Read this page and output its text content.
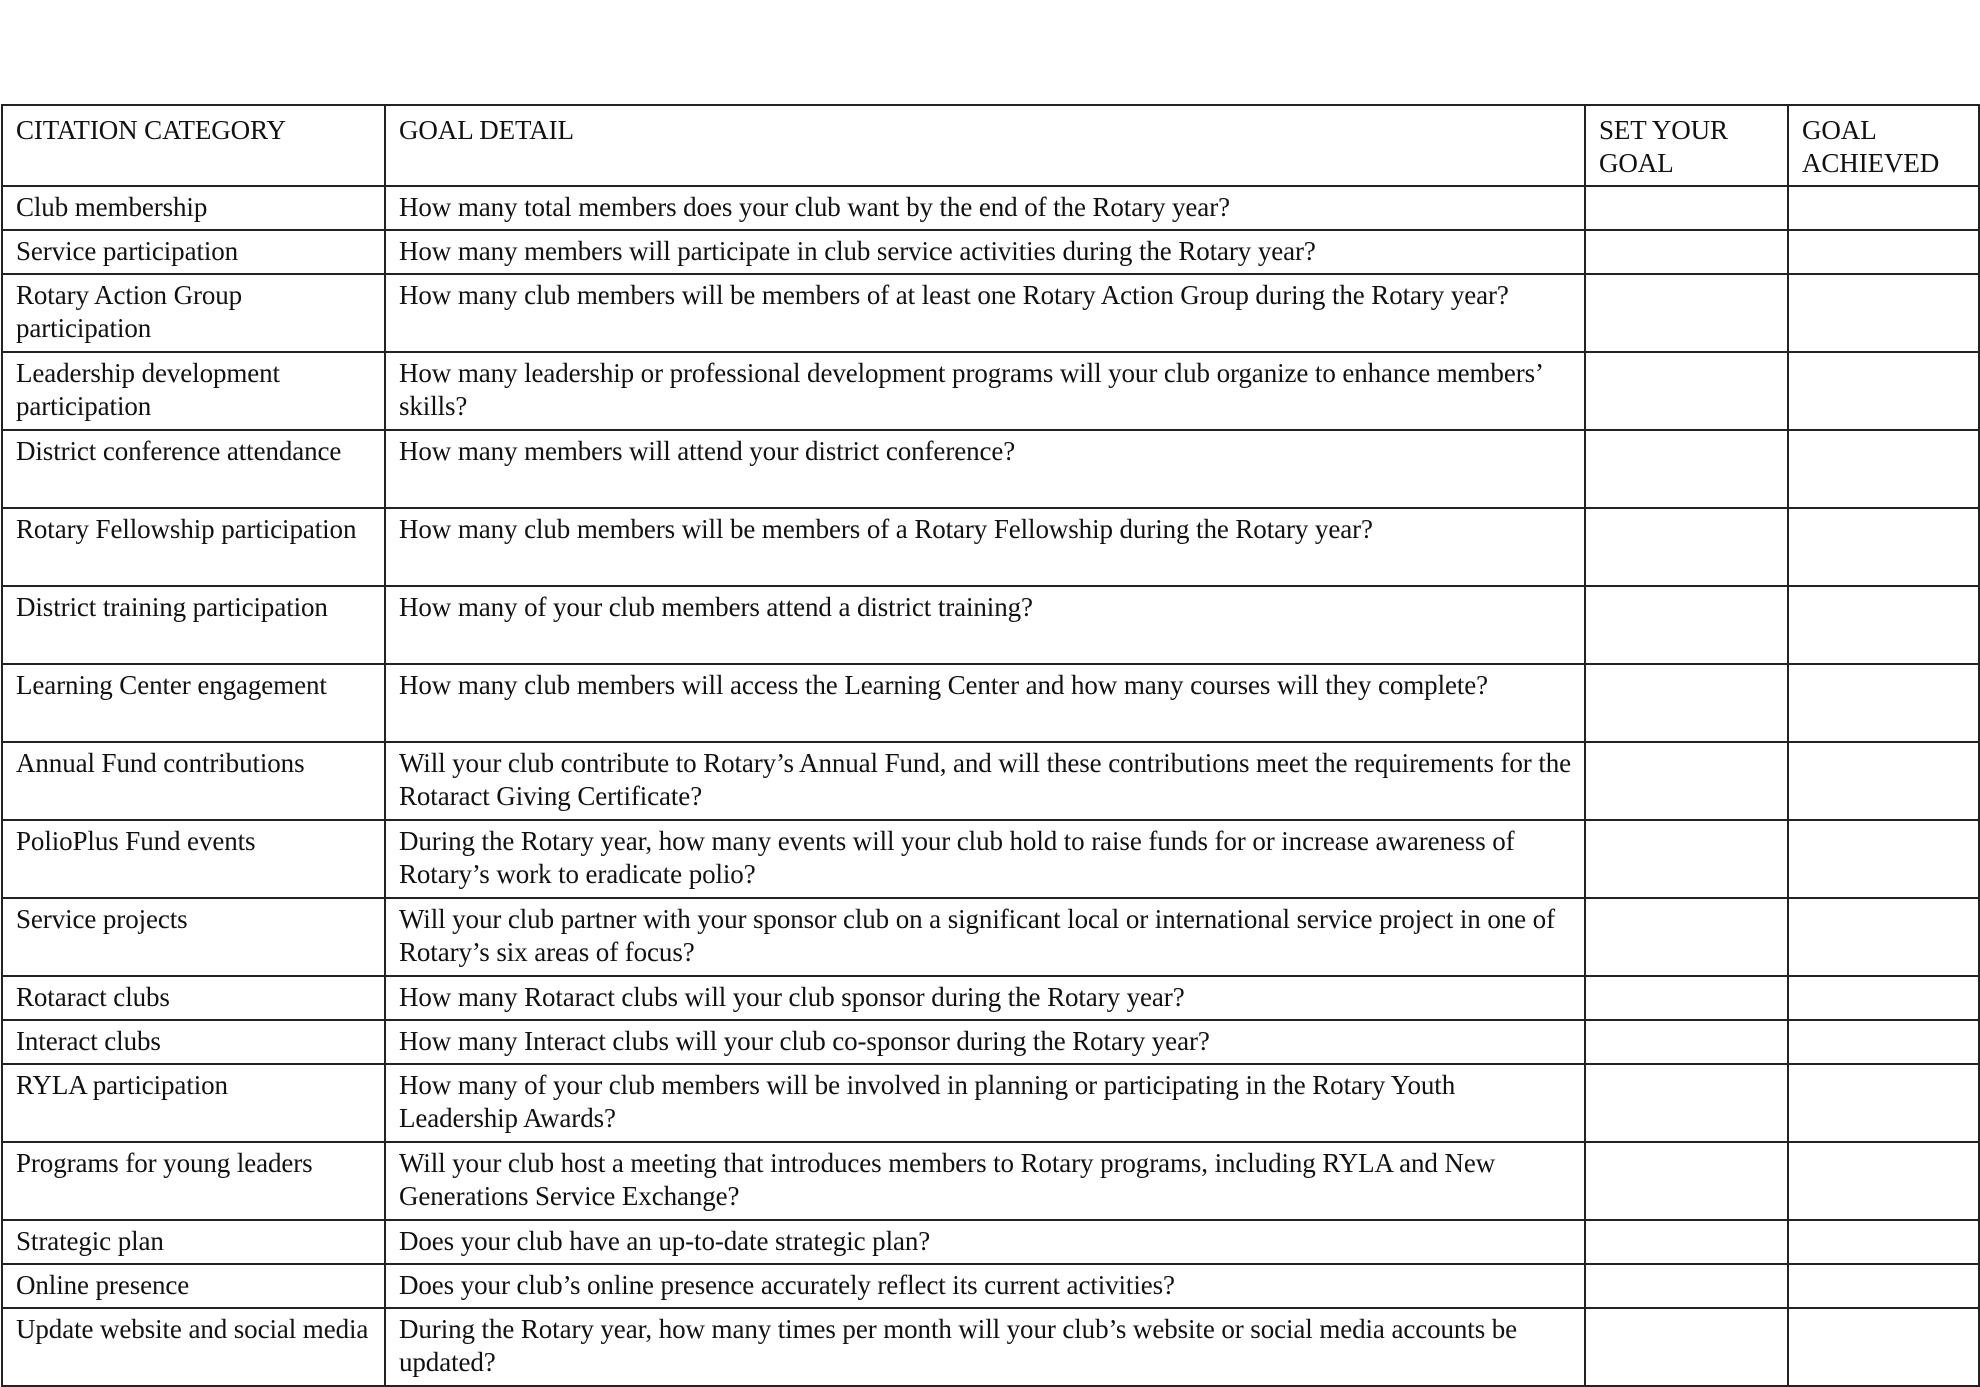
CITATION CATEGORY	GOAL DETAIL	SET YOUR GOAL	GOAL ACHIEVED
Club membership	How many total members does your club want by the end of the Rotary year?		
Service participation	How many members will participate in club service activities during the Rotary year?		
Rotary Action Group participation	How many club members will be members of at least one Rotary Action Group during the Rotary year?		
Leadership development participation	How many leadership or professional development programs will your club organize to enhance members’ skills?		
District conference attendance	How many members will attend your district conference?		
Rotary Fellowship participation	How many club members will be members of a Rotary Fellowship during the Rotary year?		
District training participation	How many of your club members attend a district training?		
Learning Center engagement	How many club members will access the Learning Center and how many courses will they complete?		
Annual Fund contributions	Will your club contribute to Rotary’s Annual Fund, and will these contributions meet the requirements for the Rotaract Giving Certificate?		
PolioPlus Fund events	During the Rotary year, how many events will your club hold to raise funds for or increase awareness of Rotary’s work to eradicate polio?		
Service projects	Will your club partner with your sponsor club on a significant local or international service project in one of Rotary’s six areas of focus?		
Rotaract clubs	How many Rotaract clubs will your club sponsor during the Rotary year?		
Interact clubs	How many Interact clubs will your club co-sponsor during the Rotary year?		
RYLA participation	How many of your club members will be involved in planning or participating in the Rotary Youth Leadership Awards?		
Programs for young leaders	Will your club host a meeting that introduces members to Rotary programs, including RYLA and New Generations Service Exchange?		
Strategic plan	Does your club have an up-to-date strategic plan?		
Online presence	Does your club’s online presence accurately reflect its current activities?		
Update website and social media	During the Rotary year, how many times per month will your club’s website or social media accounts be updated?		
